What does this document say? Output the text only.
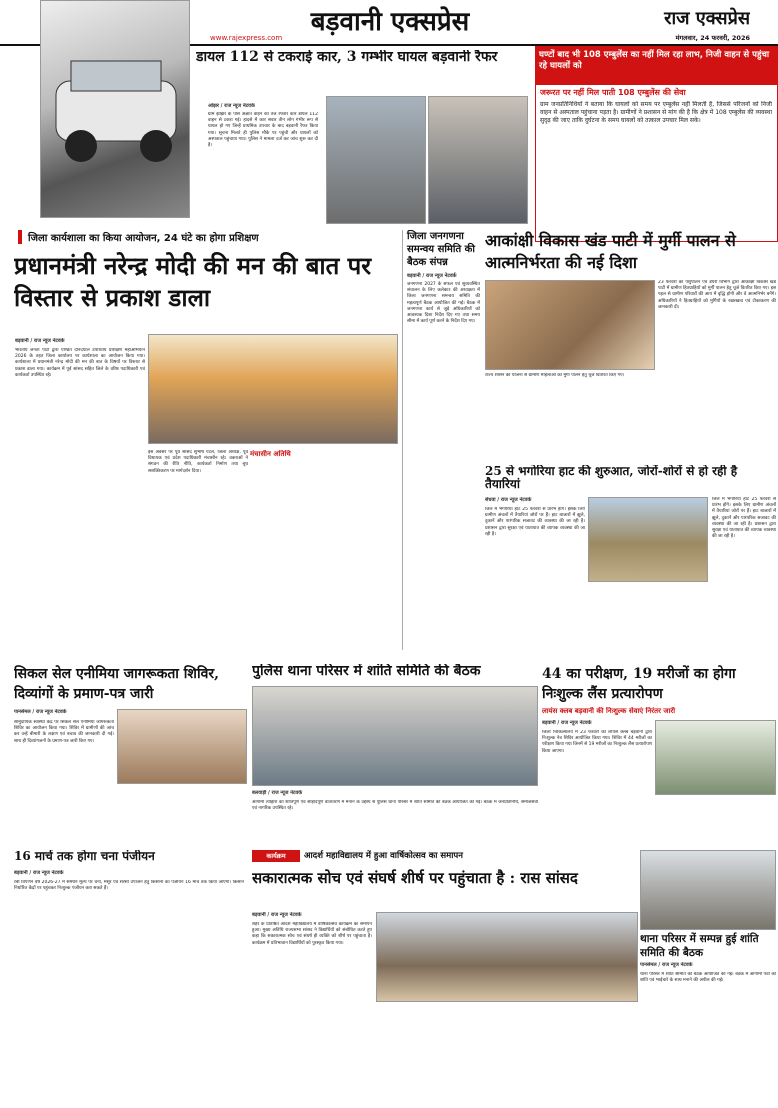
बड़वानी एक्सप्रेस
www.rajexpress.com
राज एक्सप्रेस
मंगलवार, 24 फरवरी, 2026
डायल 112 से टकराई कार, 3 गम्भीर घायल बड़वानी रैफर
ओझर / राज न्यूज नेटवर्क
ग्राम झोंझर के पास अज्ञात वाहन की तेज रफ्तार कार डायल 112 वाहन से टकरा गई। हादसे में कार सवार तीन लोग गंभीर रूप से घायल हो गए जिन्हें प्राथमिक उपचार के बाद बड़वानी रैफर किया गया। सूचना मिलते ही पुलिस मौके पर पहुंची और घायलों को अस्पताल पहुंचाया गया। पुलिस ने मामला दर्ज कर जांच शुरू कर दी है।
घण्टों बाद भी 108 एम्बुलेंस का नहीं मिल रहा लाभ, निजी वाहन से पहुंचा रहे घायलों को
जरूरत पर नहीं मिल पाती 108 एम्बुलेंस की सेवा
ग्राम जनप्रतिनिधियों ने बताया कि घायलों को समय पर एम्बुलेंस नहीं मिलती है, जिससे परिजनों को निजी वाहन से अस्पताल पहुंचाना पड़ता है। ग्रामीणों ने प्रशासन से मांग की है कि क्षेत्र में 108 एम्बुलेंस की व्यवस्था सुदृढ़ की जाए ताकि दुर्घटना के समय घायलों को तत्काल उपचार मिल सके।
जिला कार्यशाला का किया आयोजन, 24 घंटे का होगा प्रशिक्षण
प्रधानमंत्री नरेन्द्र मोदी की मन की बात पर विस्तार से प्रकाश डाला
बड़वानी / राज न्यूज नेटवर्क
भारतीय जनता पार्टी द्वारा पण्डित दीनदयाल उपाध्याय प्रशिक्षण महाअभियान 2026 के तहत जिला कार्यालय पर कार्यशाला का आयोजन किया गया। कार्यशाला में प्रधानमंत्री नरेन्द्र मोदी की मन की बात के विषयों पर विस्तार से प्रकाश डाला गया। कार्यक्रम में पूर्व सांसद सहित जिले के वरिष्ठ पदाधिकारी एवं कार्यकर्ता उपस्थित रहे।
इस अवसर पर पूर्व सांसद सुभाष पटेल, जिला अध्यक्ष, पूर्व विधायक एवं प्रदेश पदाधिकारी मंचासीन रहे। वक्ताओं ने संगठन की रीति नीति, कार्यकर्ता निर्माण तथा बूथ सशक्तिकरण पर मार्गदर्शन दिया।
मंचासीन अतिथि
जिला जनगणना समन्वय समिति की बैठक संपन्न
बड़वानी / राज न्यूज नेटवर्क
जनगणना 2027 के सफल एवं सुव्यवस्थित संचालन के लिए कलेक्टर की अध्यक्षता में जिला जनगणना समन्वय समिति की महत्वपूर्ण बैठक आयोजित की गई। बैठक में जनगणना कार्य से जुड़े अधिकारियों को आवश्यक दिशा निर्देश दिए गए तथा समय सीमा में कार्य पूर्ण करने के निर्देश दिए गए।
आकांक्षी विकास खंड पाटी में मुर्गी पालन से आत्मनिर्भरता की नई दिशा
राज्य शासन की योजना से ग्रामीण महिलाओं को मुर्गी पालन हेतु चूजे वितरित किए गए।
23 फरवरी को पशुपालन एवं डेयरी विभाग द्वारा आकांक्षी विकास खंड पाटी में ग्रामीण हितग्राहियों को मुर्गी पालन हेतु चूजे वितरित किए गए। इस पहल से ग्रामीण परिवारों की आय में वृद्धि होगी और वे आत्मनिर्भर बनेंगे। अधिकारियों ने हितग्राहियों को मुर्गियों के रखरखाव एवं टीकाकरण की जानकारी दी।
25 से भगोरिया हाट की शुरुआत, जोरों-शोरों से हो रही है तैयारियां
सेंधवा / राज न्यूज नेटवर्क
जिले में भगोरिया हाट 25 फरवरी से प्रारंभ होंगे। इसके लिए ग्रामीण अंचलों में तैयारियां जोरों पर हैं। हाट बाजारों में झूले, दुकानें और पारंपरिक सजावट की व्यवस्था की जा रही है। प्रशासन द्वारा सुरक्षा एवं यातायात की व्यापक व्यवस्था की जा रही है।
जिले में भगोरिया हाट 25 फरवरी से प्रारंभ होंगे। इसके लिए ग्रामीण अंचलों में तैयारियां जोरों पर हैं। हाट बाजारों में झूले, दुकानें और पारंपरिक सजावट की व्यवस्था की जा रही है। प्रशासन द्वारा सुरक्षा एवं यातायात की व्यापक व्यवस्था की जा रही है।
सिकल सेल एनीमिया जागरूकता शिविर, दिव्यांगों के प्रमाण-पत्र जारी
पानसेमल / राज न्यूज नेटवर्क
सामुदायिक स्वास्थ्य केंद्र पर सिकल सेल एनीमिया जागरूकता शिविर का आयोजन किया गया। शिविर में ग्रामीणों की जांच कर उन्हें बीमारी के लक्षण एवं बचाव की जानकारी दी गई। साथ ही दिव्यांगजनों के प्रमाण-पत्र जारी किए गए।
पुलिस थाना परिसर में शांति समिति की बैठक
बलवाड़ी / राज न्यूज नेटवर्क
आगामी त्योहारों को शांतिपूर्ण एवं सौहार्दपूर्ण वातावरण में मनाने के उद्देश्य से पुलिस थाना परिसर में शांति समिति की बैठक आयोजित की गई। बैठक में जनप्रतिनिधि, समाजसेवी एवं नागरिक उपस्थित रहे।
44 का परीक्षण, 19 मरीजों का होगा निःशुल्क लैंस प्रत्यारोपण
लायंस क्लब बड़वानी की निःशुल्क सेवाएं निरंतर जारी
बड़वानी / राज न्यूज नेटवर्क
जिला चिकित्सालय में 23 फरवरी को लायंस क्लब बड़वानी द्वारा निःशुल्क नेत्र शिविर आयोजित किया गया। शिविर में 44 मरीजों का परीक्षण किया गया जिनमें से 19 मरीजों का निःशुल्क लैंस प्रत्यारोपण किया जाएगा।
16 मार्च तक होगा चना पंजीयन
बड़वानी / राज न्यूज नेटवर्क
रबी विपणन वर्ष 2026-27 में समर्थन मूल्य पर चना, मसूर एवं सरसों उपार्जन हेतु किसानों का पंजीयन 16 मार्च तक किया जाएगा। किसान निर्धारित केंद्रों पर पहुंचकर निःशुल्क पंजीयन करा सकते हैं।
कार्यक्रम	आदर्श महाविद्यालय में हुआ वार्षिकोत्सव का समापन
सकारात्मक सोच एवं संघर्ष शीर्ष पर पहुंचाता है : रास सांसद
बड़वानी / राज न्यूज नेटवर्क
शहर के प्रतिष्ठित आदर्श महाविद्यालय में वार्षिकोत्सव कार्यक्रम का समापन हुआ। मुख्य अतिथि राज्यसभा सांसद ने विद्यार्थियों को संबोधित करते हुए कहा कि सकारात्मक सोच एवं संघर्ष ही व्यक्ति को शीर्ष पर पहुंचाता है। कार्यक्रम में प्रतिभावान विद्यार्थियों को पुरस्कृत किया गया।	थाना परिसर में सम्पन्न हुई शांति समिति की बैठक
पानसेमल / राज न्यूज नेटवर्क
थाना परिसर में शांति समिति की बैठक आयोजित की गई। बैठक में आगामी पर्वों को शांति एवं भाईचारे के साथ मनाने की अपील की गई।
